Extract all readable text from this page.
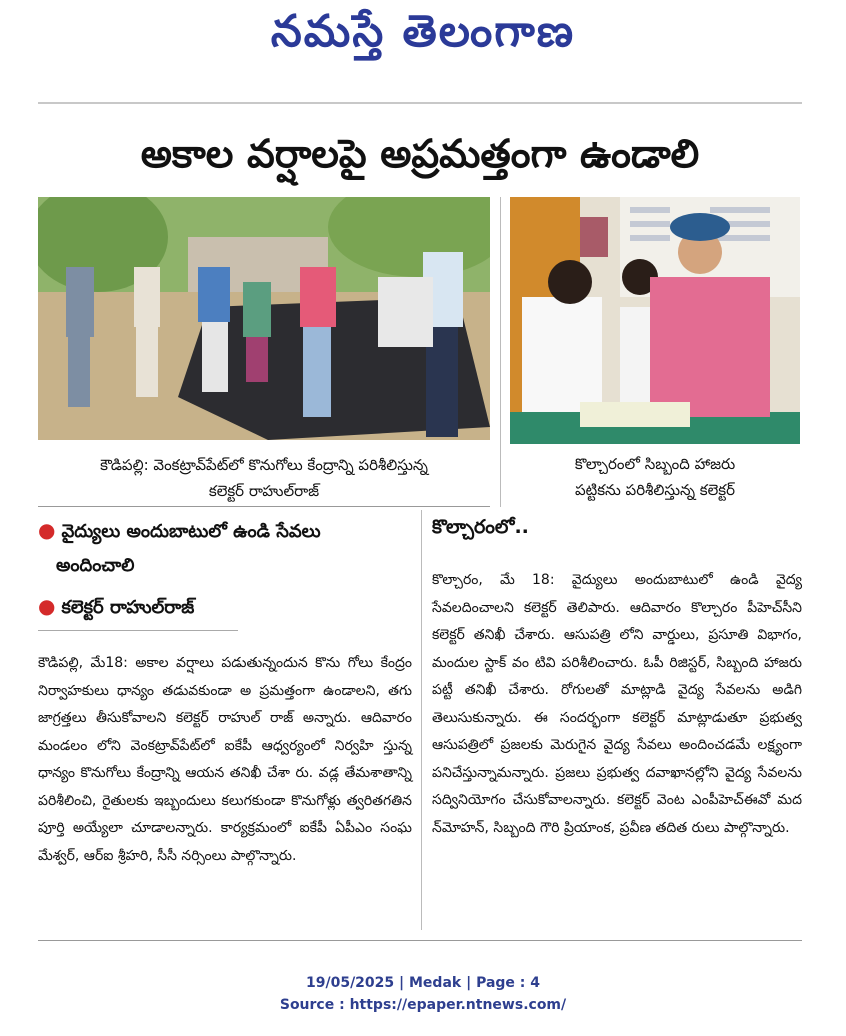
నమస్తే తెలంగాణ
అకాల వర్షాలపై అప్రమత్తంగా ఉండాలి
కౌడిపల్లి: వెంకట్రావ్‌పేట్‌లో కొనుగోలు కేంద్రాన్ని పరిశీలిస్తున్న
కలెక్టర్ రాహుల్‌రాజ్
కొల్చారంలో సిబ్బంది హాజరు
పట్టికను పరిశీలిస్తున్న కలెక్టర్
● వైద్యులు అందుబాటులో ఉండి సేవలు
అందించాలి
● కలెక్టర్ రాహుల్‌రాజ్
కొల్చారంలో..

కౌడిపల్లి, మే18: అకాల వర్షాలు పడుతున్నందున కొను గోలు కేంద్రం నిర్వాహకులు ధాన్యం తడువకుండా అ ప్రమత్తంగా ఉండాలని, తగు జాగ్రత్తలు తీసుకోవాలని కలెక్టర్ రాహుల్ రాజ్ అన్నారు. ఆదివారం మండలం లోని వెంకట్రావ్‌పేట్‌లో ఐకేపీ ఆధ్వర్యంలో నిర్వహి స్తున్న ధాన్యం కొనుగోలు కేంద్రాన్ని ఆయన తనిఖీ చేశా రు. వడ్ల తేమశాతాన్ని పరిశీలించి, రైతులకు ఇబ్బందులు కలుగకుండా కొనుగోళ్లు త్వరితగతిన పూర్తి అయ్యేలా చూడాలన్నారు. కార్యక్రమంలో ఐకేపీ ఏపీఎం సంఘ మేశ్వర్, ఆర్‌ఐ శ్రీహరి, సీసీ నర్సింలు పాల్గొన్నారు.

కొల్చారం, మే 18: వైద్యులు అందుబాటులో ఉండి వైద్య సేవలదించాలని కలెక్టర్ తెలిపారు. ఆదివారం కొల్చారం పీహెచ్‌సీని కలెక్టర్ తనిఖీ చేశారు. ఆసుపత్రి లోని వార్డులు, ప్రసూతి విభాగం, మందుల స్టాక్ వం టివి పరిశీలించారు. ఓపీ రిజిస్టర్, సిబ్బంది హాజరు పట్టీ తనిఖీ చేశారు. రోగులతో మాట్లాడి వైద్య సేవలను అడిగి తెలుసుకున్నారు. ఈ సందర్భంగా కలెక్టర్ మాట్లాడుతూ ప్రభుత్వ ఆసుపత్రిలో ప్రజలకు మెరుగైన వైద్య సేవలు అందించడమే లక్ష్యంగా పనిచేస్తున్నామన్నారు. ప్రజలు ప్రభుత్వ దవాఖానల్లోని వైద్య సేవలను సద్వినియోగం చేసుకోవాలన్నారు. కలెక్టర్ వెంట ఎంపీహెచ్‌ఈవో మద న్‌మోహన్, సిబ్బంది గౌరి ప్రియాంక, ప్రవీణ తదిత రులు పాల్గొన్నారు.

19/05/2025 | Medak | Page : 4
Source : https://epaper.ntnews.com/
